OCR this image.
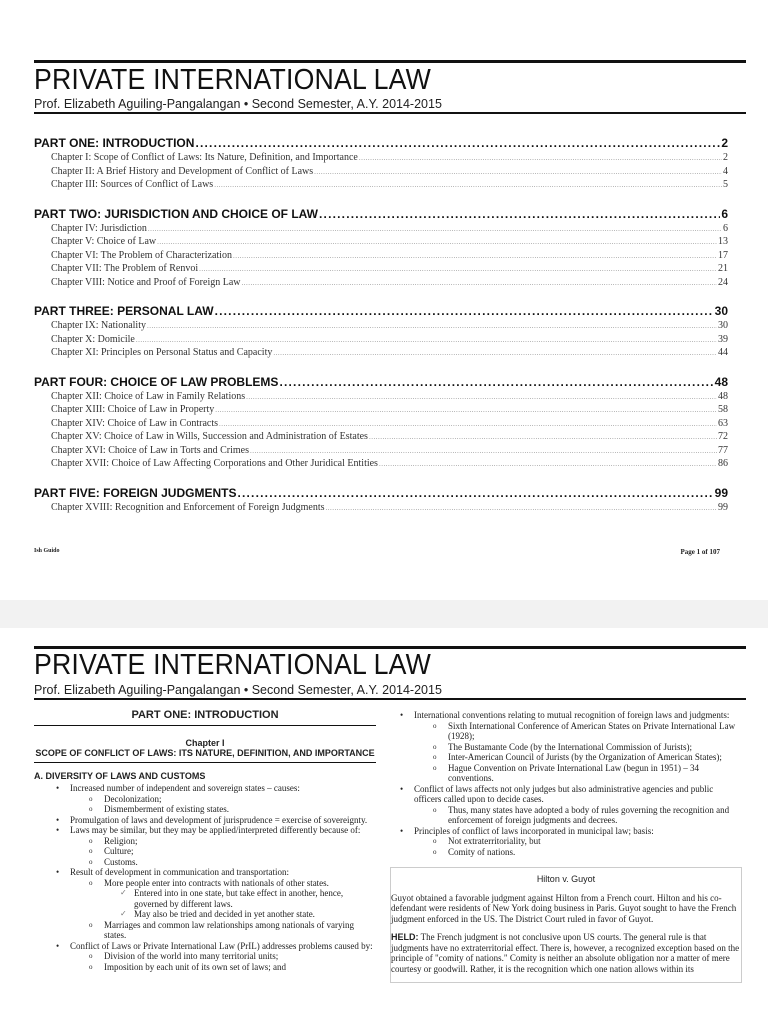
PRIVATE INTERNATIONAL LAW
Prof. Elizabeth Aguiling-Pangalangan • Second Semester, A.Y. 2014-2015
PART ONE: INTRODUCTION .....	2
Chapter I: Scope of Conflict of Laws: Its Nature, Definition, and Importance .....	2
Chapter II: A Brief History and Development of Conflict of Laws .....	4
Chapter III: Sources of Conflict of Laws .....	5
PART TWO: JURISDICTION AND CHOICE OF LAW .....	6
Chapter IV: Jurisdiction .....	6
Chapter V: Choice of Law .....	13
Chapter VI: The Problem of Characterization .....	17
Chapter VII: The Problem of Renvoi .....	21
Chapter VIII: Notice and Proof of Foreign Law .....	24
PART THREE: PERSONAL LAW .....	30
Chapter IX: Nationality .....	30
Chapter X: Domicile .....	39
Chapter XI: Principles on Personal Status and Capacity .....	44
PART FOUR: CHOICE OF LAW PROBLEMS .....	48
Chapter XII: Choice of Law in Family Relations .....	48
Chapter XIII: Choice of Law in Property .....	58
Chapter XIV: Choice of Law in Contracts .....	63
Chapter XV: Choice of Law in Wills, Succession and Administration of Estates .....	72
Chapter XVI: Choice of Law in Torts and Crimes .....	77
Chapter XVII: Choice of Law Affecting Corporations and Other Juridical Entities .....	86
PART FIVE: FOREIGN JUDGMENTS .....	99
Chapter XVIII: Recognition and Enforcement of Foreign Judgments .....	99
Ish Guido	Page 1 of 107
PRIVATE INTERNATIONAL LAW
Prof. Elizabeth Aguiling-Pangalangan • Second Semester, A.Y. 2014-2015
PART ONE: INTRODUCTION
Chapter I
SCOPE OF CONFLICT OF LAWS: ITS NATURE, DEFINITION, AND IMPORTANCE
A. DIVERSITY OF LAWS AND CUSTOMS
• Increased number of independent and sovereign states – causes:
o Decolonization;
o Dismemberment of existing states.
• Promulgation of laws and development of jurisprudence = exercise of sovereignty.
• Laws may be similar, but they may be applied/interpreted differently because of:
o Religion;
o Culture;
o Customs.
• Result of development in communication and transportation:
o More people enter into contracts with nationals of other states.
✓ Entered into in one state, but take effect in another, hence, governed by different laws.
✓ May also be tried and decided in yet another state.
o Marriages and common law relationships among nationals of varying states.
• Conflict of Laws or Private International Law (PrIL) addresses problems caused by:
o Division of the world into many territorial units;
o Imposition by each unit of its own set of laws; and
• International conventions relating to mutual recognition of foreign laws and judgments:
o Sixth International Conference of American States on Private International Law (1928);
o The Bustamante Code (by the International Commission of Jurists);
o Inter-American Council of Jurists (by the Organization of American States);
o Hague Convention on Private International Law (begun in 1951) – 34 conventions.
• Conflict of laws affects not only judges but also administrative agencies and public officers called upon to decide cases.
o Thus, many states have adopted a body of rules governing the recognition and enforcement of foreign judgments and decrees.
• Principles of conflict of laws incorporated in municipal law; basis:
o Not extraterritoriality, but
o Comity of nations.
Hilton v. Guyot

Guyot obtained a favorable judgment against Hilton from a French court. Hilton and his co-defendant were residents of New York doing business in Paris. Guyot sought to have the French judgment enforced in the US. The District Court ruled in favor of Guyot.

HELD: The French judgment is not conclusive upon US courts. The general rule is that judgments have no extraterritorial effect. There is, however, a recognized exception based on the principle of "comity of nations." Comity is neither an absolute obligation nor a matter of mere courtesy or goodwill. Rather, it is the recognition which one nation allows within its
